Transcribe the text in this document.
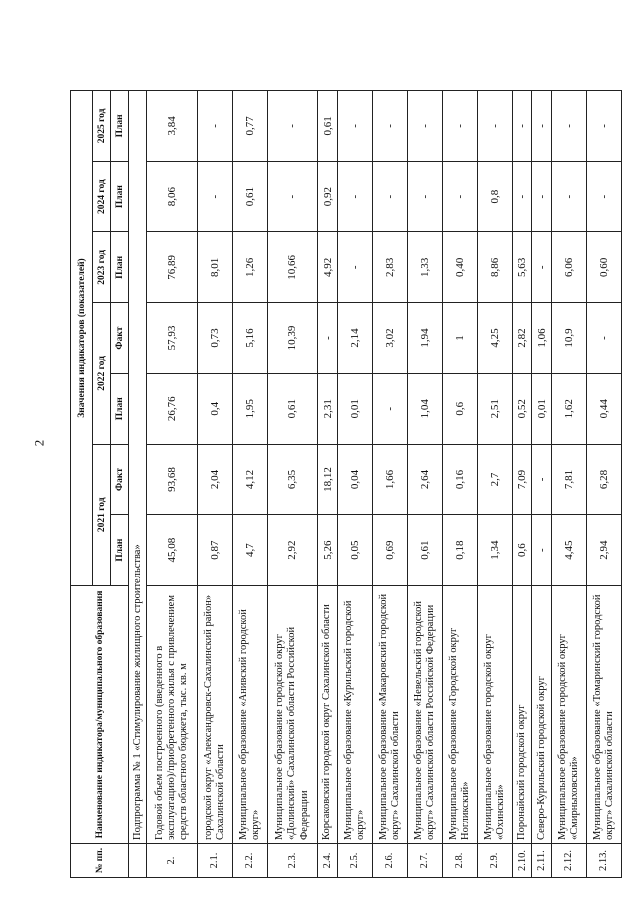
2
№ пп.	Наименование индикатора/муниципального образования	Значения индикаторов (показателей)						
		2021 год		2022 год		2023 год	2024 год	2025 год
		План	Факт	План	Факт	План	План	План
	Подпрограмма № 1 «Стимулирование жилищного строительства»							
2.	Годовой объем построенного (введенного в эксплуатацию)/приобретенного жилья с привлечением средств областного бюджета, тыс. кв. м	45,08	93,68	26,76	57,93	76,89	8,06	3,84
2.1.	городской округ «Александровск-Сахалинский район» Сахалинской области	0,87	2,04	0,4	0,73	8,01	-	-
2.2.	Муниципальное образование «Анивский городской округ»	4,7	4,12	1,95	5,16	1,26	0,61	0,77
2.3.	Муниципальное образование городской округ «Долинский» Сахалинской области Российской Федерации	2,92	6,35	0,61	10,39	10,66	-	-
2.4.	Корсаковский городской округ Сахалинской области	5,26	18,12	2,31	-	4,92	0,92	0,61
2.5.	Муниципальное образование «Курильский городской округ»	0,05	0,04	0,01	2,14	-	-	-
2.6.	Муниципальное образование «Макаровский городской округ» Сахалинской области	0,69	1,66	-	3,02	2,83	-	-
2.7.	Муниципальное образование «Невельский городской округ» Сахалинской области Российской Федерации	0,61	2,64	1,04	1,94	1,33	-	-
2.8.	Муниципальное образование «Городской округ Ногликский»	0,18	0,16	0,6	1	0,40	-	-
2.9.	Муниципальное образование городской округ «Охинский»	1,34	2,7	2,51	4,25	8,86	0,8	-
2.10.	Поронайский городской округ	0,6	7,09	0,52	2,82	5,63	-	-
2.11.	Северо-Курильский городской округ	-	-	0,01	1,06	-	-	-
2.12.	Муниципальное образование городской округ «Смирныховский»	4,45	7,81	1,62	10,9	6,06	-	-
2.13.	Муниципальное образование «Томаринский городской округ» Сахалинской области	2,94	6,28	0,44	-	0,60	-	-
